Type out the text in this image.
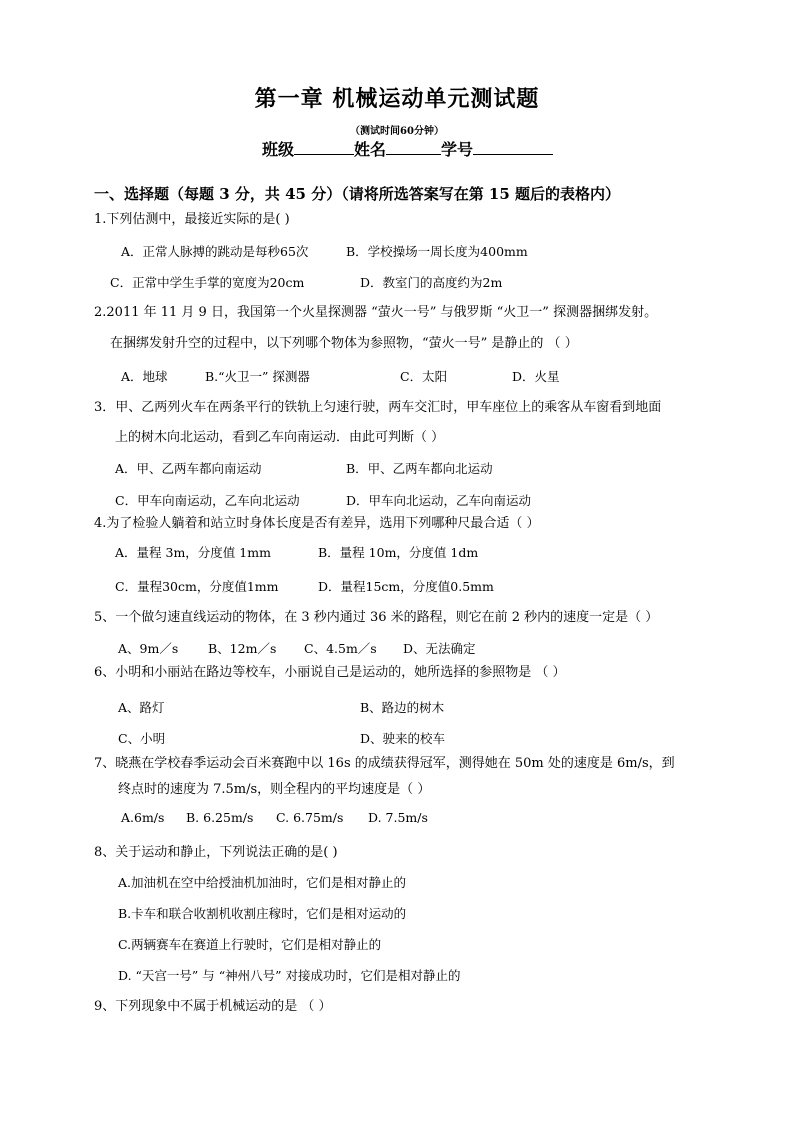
第一章 机械运动单元测试题
（测试时间60分钟）
班级	姓名	学号
一、选择题（每题 3 分，共 45 分）（请将所选答案写在第 15 题后的表格内）
1.下列估测中，最接近实际的是( )
A．正常人脉搏的跳动是每秒65次	B．学校操场一周长度为400mm
C．正常中学生手掌的宽度为20cm	D．教室门的高度约为2m
2.2011 年 11 月 9 日，我国第一个火星探测器 “萤火一号” 与俄罗斯 “火卫一” 探测器捆绑发射。
在捆绑发射升空的过程中，以下列哪个物体为参照物，“萤火一号” 是静止的 （ ）
A．地球	B.“火卫一” 探测器	C．太阳	D．火星
3．甲、乙两列火车在两条平行的铁轨上匀速行驶，两车交汇时，甲车座位上的乘客从车窗看到地面
上的树木向北运动，看到乙车向南运动．由此可判断（ ）
A．甲、乙两车都向南运动	B．甲、乙两车都向北运动
C．甲车向南运动，乙车向北运动	D．甲车向北运动，乙车向南运动
4.为了检验人躺着和站立时身体长度是否有差异，选用下列哪种尺最合适（ ）
A．量程 3m，分度值 1mm	B．量程 10m，分度值 1dm
C．量程30cm，分度值1mm	D．量程15cm，分度值0.5mm
5、一个做匀速直线运动的物体，在 3 秒内通过 36 米的路程，则它在前 2 秒内的速度一定是（ ）
A、9m／s B、12m／s C、4.5m／s D、无法确定
6、小明和小丽站在路边等校车，小丽说自己是运动的，她所选择的参照物是 （ ）
A、路灯	B、路边的树木
C、小明	D、驶来的校车
7、晓燕在学校春季运动会百米赛跑中以 16s 的成绩获得冠军，测得她在 50m 处的速度是 6m/s，到
终点时的速度为 7.5m/s，则全程内的平均速度是（ ）
A.6m/s B. 6.25m/s C. 6.75m/s D. 7.5m/s
8、关于运动和静止，下列说法正确的是( )
A.加油机在空中给授油机加油时，它们是相对静止的
B.卡车和联合收割机收割庄稼时，它们是相对运动的
C.两辆赛车在赛道上行驶时，它们是相对静止的
D. “天宫一号” 与 “神州八号” 对接成功时，它们是相对静止的
9、下列现象中不属于机械运动的是 （ ）
